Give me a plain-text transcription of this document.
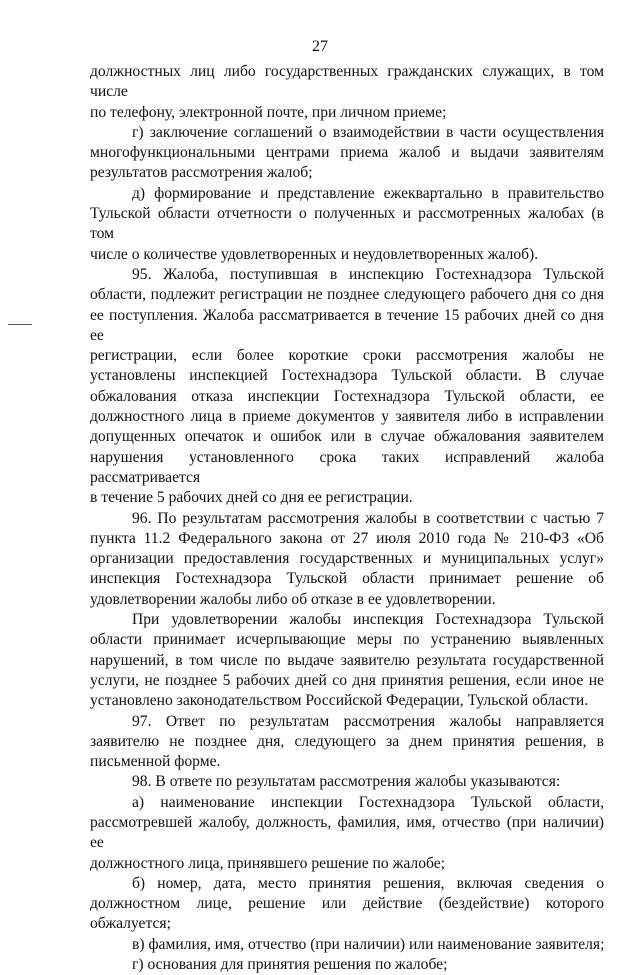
27

должностных лиц либо государственных гражданских служащих, в том числе
по телефону, электронной почте, при личном приеме;

г) заключение соглашений о взаимодействии в части осуществления
многофункциональными центрами приема жалоб и выдачи заявителям
результатов рассмотрения жалоб;

д) формирование и представление ежеквартально в правительство
Тульской области отчетности о полученных и рассмотренных жалобах (в том
числе о количестве удовлетворенных и неудовлетворенных жалоб).

95. Жалоба, поступившая в инспекцию Гостехнадзора Тульской
области, подлежит регистрации не позднее следующего рабочего дня со дня
ее поступления. Жалоба рассматривается в течение 15 рабочих дней со дня ее
регистрации, если более короткие сроки рассмотрения жалобы не
установлены инспекцией Гостехнадзора Тульской области. В случае
обжалования отказа инспекции Гостехнадзора Тульской области, ее
должностного лица в приеме документов у заявителя либо в исправлении
допущенных опечаток и ошибок или в случае обжалования заявителем
нарушения установленного срока таких исправлений жалоба рассматривается
в течение 5 рабочих дней со дня ее регистрации.

96. По результатам рассмотрения жалобы в соответствии с частью 7
пункта 11.2 Федерального закона от 27 июля 2010 года № 210-ФЗ «Об
организации предоставления государственных и муниципальных услуг»
инспекция Гостехнадзора Тульской области принимает решение об
удовлетворении жалобы либо об отказе в ее удовлетворении.

При удовлетворении жалобы инспекция Гостехнадзора Тульской
области принимает исчерпывающие меры по устранению выявленных
нарушений, в том числе по выдаче заявителю результата государственной
услуги, не позднее 5 рабочих дней со дня принятия решения, если иное не
установлено законодательством Российской Федерации, Тульской области.

97. Ответ по результатам рассмотрения жалобы направляется
заявителю не позднее дня, следующего за днем принятия решения, в
письменной форме.

98. В ответе по результатам рассмотрения жалобы указываются:

а) наименование инспекции Гостехнадзора Тульской области,
рассмотревшей жалобу, должность, фамилия, имя, отчество (при наличии) ее
должностного лица, принявшего решение по жалобе;

б) номер, дата, место принятия решения, включая сведения о
должностном лице, решение или действие (бездействие) которого
обжалуется;

в) фамилия, имя, отчество (при наличии) или наименование заявителя;

г) основания для принятия решения по жалобе;
